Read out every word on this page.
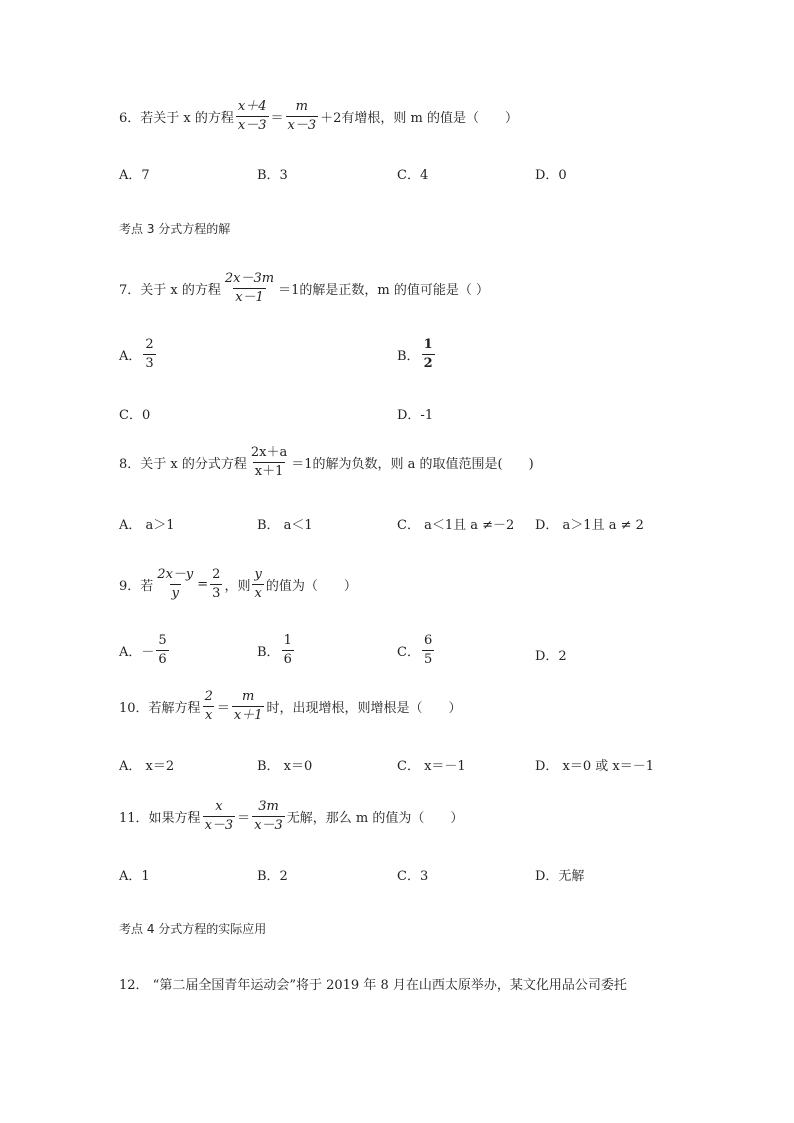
6． 若关于 x 的方程 $\frac{x+4}{x-3} = \frac{m}{x-3} +2$有增根，则 m 的值是（　　）
A．7	B．3	C．4	D．0
考点 3 分式方程的解
7． 关于 x 的方程 $\frac{2x-3m}{x-1} =1$的解是正数，m 的值可能是（ ）
A． $\frac{2}{3}$	B． $\frac{1}{2}$
C．0	D．-1
8． 关于 x 的分式方程 $\frac{2x+a}{x+1} =1$的解为负数，则 a 的取值范围是(　　)
A． a＞1	B． a＜1	C． a＜1且 a ≠－2 D． a＞1且 a ≠ 2
9． 若 $\frac{2x-y}{y} = \frac{2}{3}$ ，则 $\frac{y}{x}$ 的值为（　　）
A． － $\frac{5}{6}$	B． $\frac{1}{6}$	C． $\frac{6}{5}$	D．2
10． 若解方程 $\frac{2}{x} = \frac{m}{x+1}$ 时，出现增根，则增根是（　　）
A． x＝2	B． x＝0	C． x＝－1	D． x＝0 或 x＝－1
11． 如果方程 $\frac{x}{x-3} = \frac{3m}{x-3}$ 无解，那么 m 的值为（　　）
A．1	B．2	C．3	D．无解
考点 4 分式方程的实际应用
12． “第二届全国青年运动会”将于 2019 年 8 月在山西太原举办，某文化用品公司委托
